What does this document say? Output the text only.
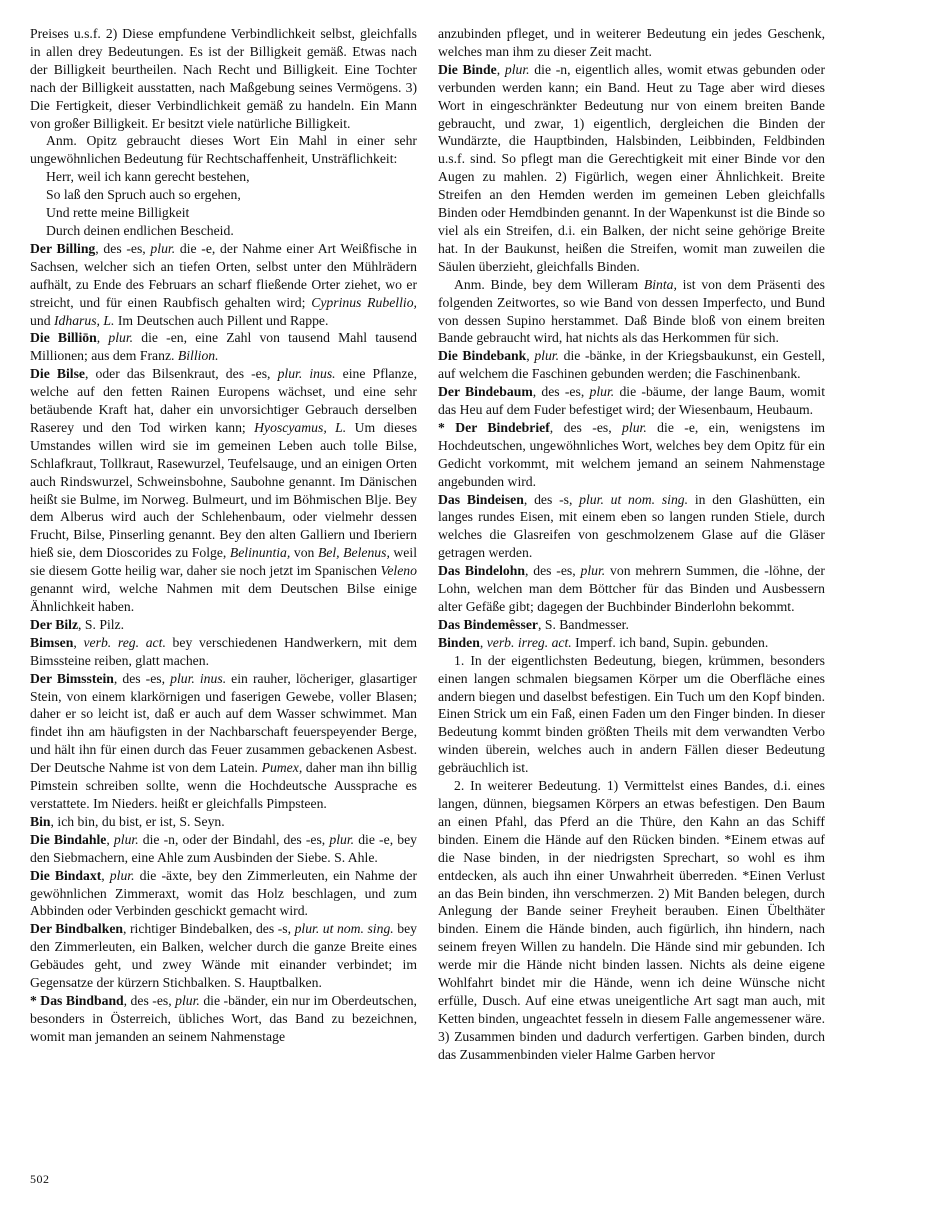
Preises u.s.f. 2) Diese empfundene Verbindlichkeit selbst, gleichfalls in allen drey Bedeutungen. Es ist der Billigkeit gemäß. Etwas nach der Billigkeit beurtheilen. Nach Recht und Billigkeit. Eine Tochter nach der Billigkeit ausstatten, nach Maßgebung seines Vermögens. 3) Die Fertigkeit, dieser Verbindlichkeit gemäß zu handeln. Ein Mann von großer Billigkeit. Er besitzt viele natürliche Billigkeit.

Anm. Opitz gebraucht dieses Wort Ein Mahl in einer sehr ungewöhnlichen Bedeutung für Rechtschaffenheit, Unsträflichkeit:

Herr, weil ich kann gerecht bestehen,

So laß den Spruch auch so ergehen,

Und rette meine Billigkeit

Durch deinen endlichen Bescheid.

Der Billing, des -es, plur. die -e, der Nahme einer Art Weißfische in Sachsen, welcher sich an tiefen Orten, selbst unter den Mühlrädern aufhält, zu Ende des Februars an scharf fließende Orter ziehet, wo er streicht, und für einen Raubfisch gehalten wird; Cyprinus Rubellio, und Idharus, L. Im Deutschen auch Pillent und Rappe.

Die Billiōn, plur. die -en, eine Zahl von tausend Mahl tausend Millionen; aus dem Franz. Billion.

Die Bilse, oder das Bilsenkraut, des -es, plur. inus. eine Pflanze, welche auf den fetten Rainen Europens wächset, und eine sehr betäubende Kraft hat, daher ein unvorsichtiger Gebrauch derselben Raserey und den Tod wirken kann; Hyoscyamus, L. Um dieses Umstandes willen wird sie im gemeinen Leben auch tolle Bilse, Schlafkraut, Tollkraut, Rasewurzel, Teufelsauge, und an einigen Orten auch Rindswurzel, Schweinsbohne, Saubohne genannt. Im Dänischen heißt sie Bulme, im Norweg. Bulmeurt, und im Böhmischen Blje. Bey dem Alberus wird auch der Schlehenbaum, oder vielmehr dessen Frucht, Bilse, Pinserling genannt. Bey den alten Galliern und Iberiern hieß sie, dem Dioscorides zu Folge, Belinuntia, von Bel, Belenus, weil sie diesem Gotte heilig war, daher sie noch jetzt im Spanischen Veleno genannt wird, welche Nahmen mit dem Deutschen Bilse einige Ähnlichkeit haben.

Der Bilz, S. Pilz.

Bimsen, verb. reg. act. bey verschiedenen Handwerkern, mit dem Bimssteine reiben, glatt machen.

Der Bimsstein, des -es, plur. inus. ein rauher, löcheriger, glasartiger Stein, von einem klarkörnigen und faserigen Gewebe, voller Blasen; daher er so leicht ist, daß er auch auf dem Wasser schwimmet. Man findet ihn am häufigsten in der Nachbarschaft feuerspeyender Berge, und hält ihn für einen durch das Feuer zusammen gebackenen Asbest. Der Deutsche Nahme ist von dem Latein. Pumex, daher man ihn billig Pimstein schreiben sollte, wenn die Hochdeutsche Aussprache es verstattete. Im Nieders. heißt er gleichfalls Pimpsteen.

Bin, ich bin, du bist, er ist, S. Seyn.

Die Bindahle, plur. die -n, oder der Bindahl, des -es, plur. die -e, bey den Siebmachern, eine Ahle zum Ausbinden der Siebe. S. Ahle.

Die Bindaxt, plur. die -äxte, bey den Zimmerleuten, ein Nahme der gewöhnlichen Zimmeraxt, womit das Holz beschlagen, und zum Abbinden oder Verbinden geschickt gemacht wird.

Der Bindbalken, richtiger Bindebalken, des -s, plur. ut nom. sing. bey den Zimmerleuten, ein Balken, welcher durch die ganze Breite eines Gebäudes geht, und zwey Wände mit einander verbindet; im Gegensatze der kürzern Stichbalken. S. Hauptbalken.

* Das Bindband, des -es, plur. die -bänder, ein nur im Oberdeutschen, besonders in Österreich, übliches Wort, das Band zu bezeichnen, womit man jemanden an seinem Nahmenstage

anzubinden pfleget, und in weiterer Bedeutung ein jedes Geschenk, welches man ihm zu dieser Zeit macht.

Die Binde, plur. die -n, eigentlich alles, womit etwas gebunden oder verbunden werden kann; ein Band. Heut zu Tage aber wird dieses Wort in eingeschränkter Bedeutung nur von einem breiten Bande gebraucht, und zwar, 1) eigentlich, dergleichen die Binden der Wundärzte, die Hauptbinden, Halsbinden, Leibbinden, Feldbinden u.s.f. sind. So pflegt man die Gerechtigkeit mit einer Binde vor den Augen zu mahlen. 2) Figürlich, wegen einer Ähnlichkeit. Breite Streifen an den Hemden werden im gemeinen Leben gleichfalls Binden oder Hemdbinden genannt. In der Wapenkunst ist die Binde so viel als ein Streifen, d.i. ein Balken, der nicht seine gehörige Breite hat. In der Baukunst, heißen die Streifen, womit man zuweilen die Säulen überzieht, gleichfalls Binden.

Anm. Binde, bey dem Willeram Binta, ist von dem Präsenti des folgenden Zeitwortes, so wie Band von dessen Imperfecto, und Bund von dessen Supino herstammet. Daß Binde bloß von einem breiten Bande gebraucht wird, hat nichts als das Herkommen für sich.

Die Bindebank, plur. die -bänke, in der Kriegsbaukunst, ein Gestell, auf welchem die Faschinen gebunden werden; die Faschinenbank.

Der Bindebaum, des -es, plur. die -bäume, der lange Baum, womit das Heu auf dem Fuder befestiget wird; der Wiesenbaum, Heubaum.

* Der Bindebrief, des -es, plur. die -e, ein, wenigstens im Hochdeutschen, ungewöhnliches Wort, welches bey dem Opitz für ein Gedicht vorkommt, mit welchem jemand an seinem Nahmenstage angebunden wird.

Das Bindeisen, des -s, plur. ut nom. sing. in den Glashütten, ein langes rundes Eisen, mit einem eben so langen runden Stiele, durch welches die Glasreifen von geschmolzenem Glase auf die Gläser getragen werden.

Das Bindelohn, des -es, plur. von mehrern Summen, die -löhne, der Lohn, welchen man dem Böttcher für das Binden und Ausbessern alter Gefäße gibt; dagegen der Buchbinder Binderlohn bekommt.

Das Bindemêsser, S. Bandmesser.

Binden, verb. irreg. act. Imperf. ich band, Supin. gebunden.

1. In der eigentlichsten Bedeutung, biegen, krümmen, besonders einen langen schmalen biegsamen Körper um die Oberfläche eines andern biegen und daselbst befestigen. Ein Tuch um den Kopf binden. Einen Strick um ein Faß, einen Faden um den Finger binden. In dieser Bedeutung kommt binden größten Theils mit dem verwandten Verbo winden überein, welches auch in andern Fällen dieser Bedeutung gebräuchlich ist.

2. In weiterer Bedeutung. 1) Vermittelst eines Bandes, d.i. eines langen, dünnen, biegsamen Körpers an etwas befestigen. Den Baum an einen Pfahl, das Pferd an die Thüre, den Kahn an das Schiff binden. Einem die Hände auf den Rücken binden. *Einem etwas auf die Nase binden, in der niedrigsten Sprechart, so wohl es ihm entdecken, als auch ihn einer Unwahrheit überreden. *Einen Verlust an das Bein binden, ihn verschmerzen. 2) Mit Banden belegen, durch Anlegung der Bande seiner Freyheit berauben. Einen Übelthäter binden. Einem die Hände binden, auch figürlich, ihn hindern, nach seinem freyen Willen zu handeln. Die Hände sind mir gebunden. Ich werde mir die Hände nicht binden lassen. Nichts als deine eigene Wohlfahrt bindet mir die Hände, wenn ich deine Wünsche nicht erfülle, Dusch. Auf eine etwas uneigentliche Art sagt man auch, mit Ketten binden, ungeachtet fesseln in diesem Falle angemessener wäre. 3) Zusammen binden und dadurch verfertigen. Garben binden, durch das Zusammenbinden vieler Halme Garben hervor

502
